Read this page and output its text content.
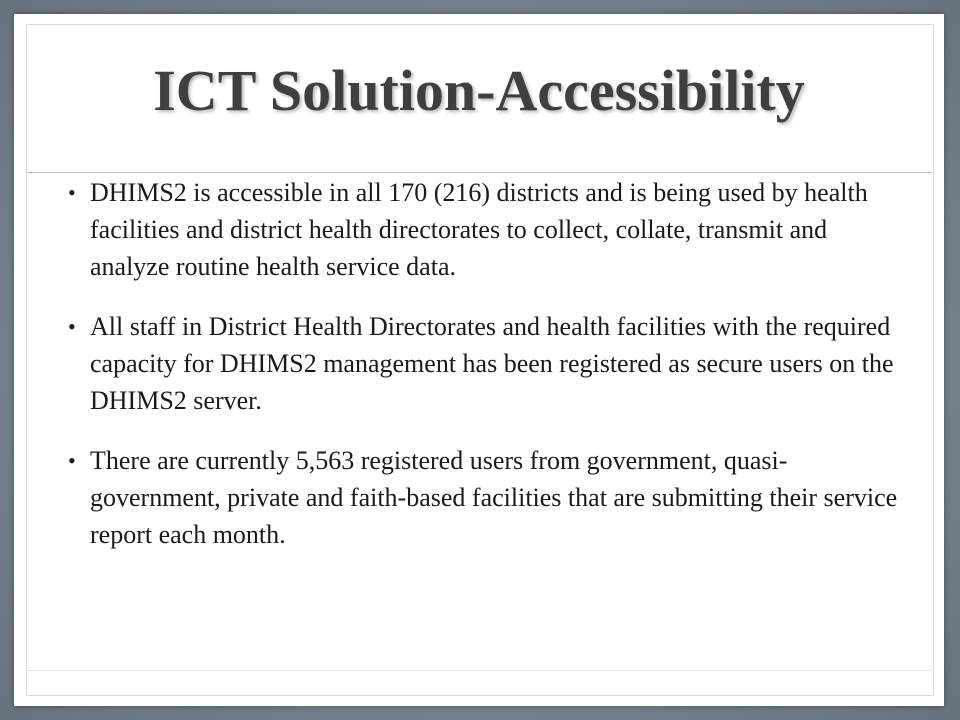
ICT Solution-Accessibility
• DHIMS2 is accessible in all 170 (216) districts and is being used by health facilities and district health directorates to collect, collate, transmit and analyze routine health service data.
• All staff in District Health Directorates and health facilities with the required capacity for DHIMS2 management has been registered as secure users on the DHIMS2 server.
• There are currently 5,563 registered users from government, quasi-government, private and faith-based facilities that are submitting their service report each month.
